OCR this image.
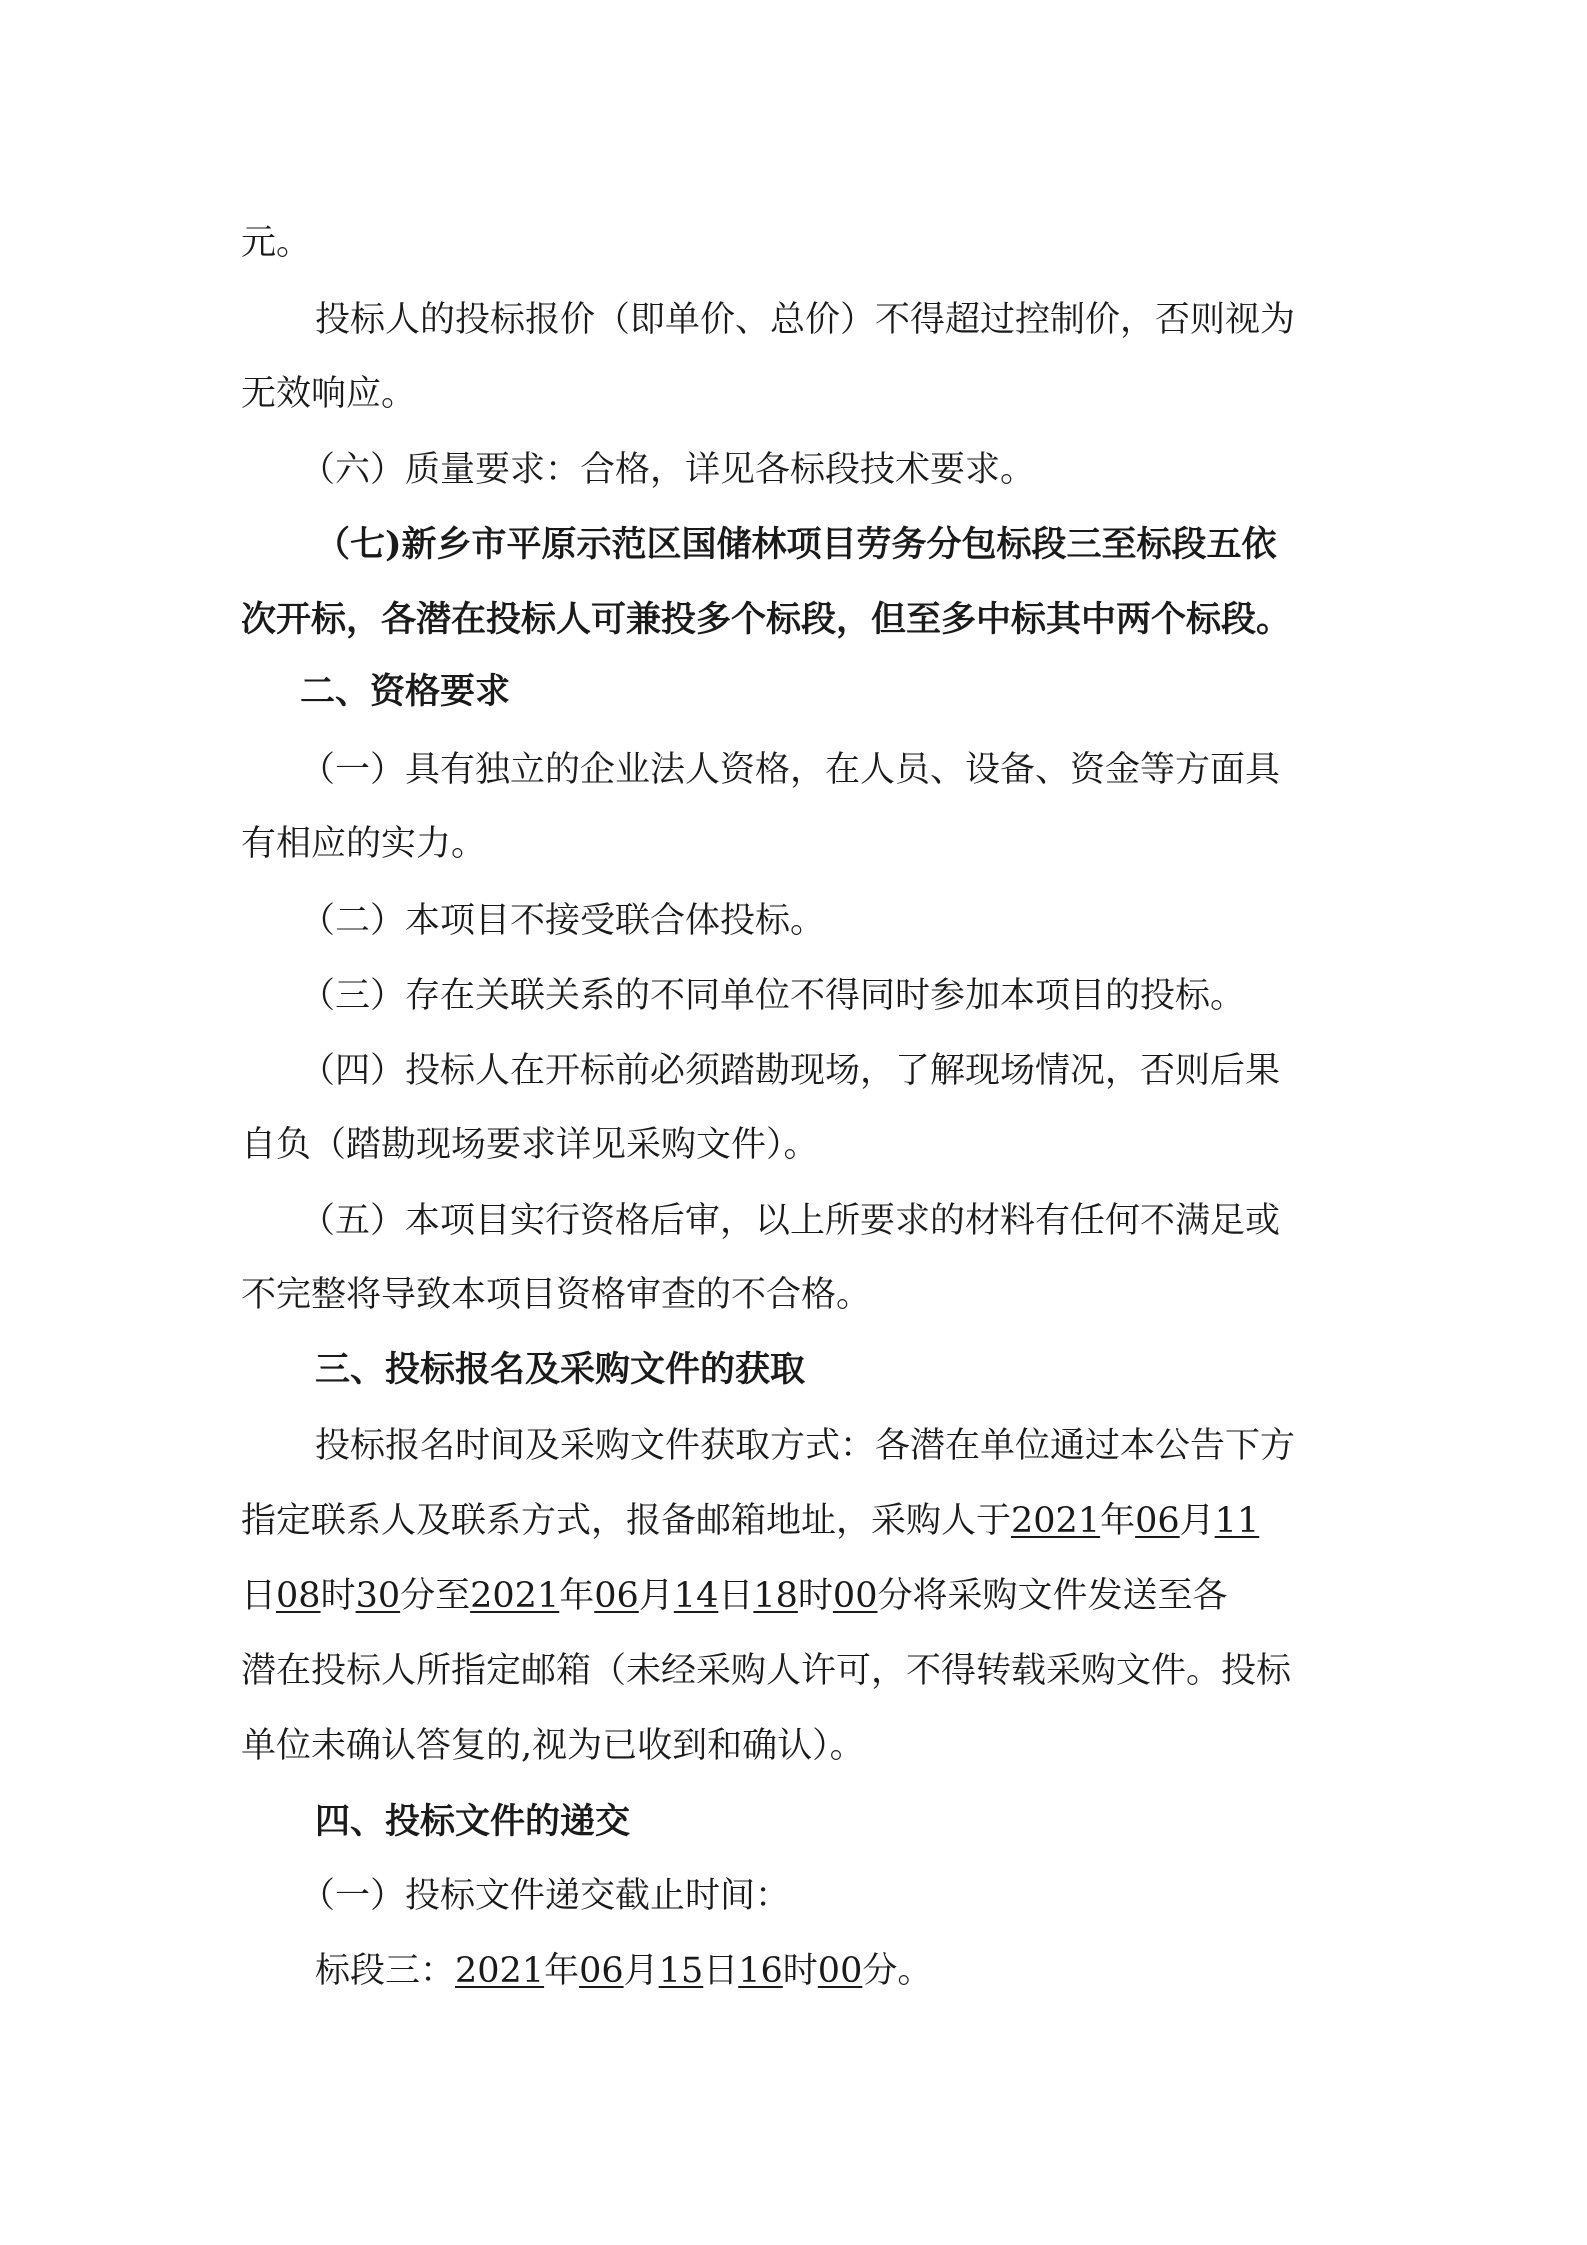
元。
投标人的投标报价（即单价、总价）不得超过控制价，否则视为
无效响应。
（六）质量要求：合格，详见各标段技术要求。
（七)新乡市平原示范区国储林项目劳务分包标段三至标段五依
次开标，各潜在投标人可兼投多个标段，但至多中标其中两个标段。
二、资格要求
（一）具有独立的企业法人资格，在人员、设备、资金等方面具
有相应的实力。
（二）本项目不接受联合体投标。
（三）存在关联关系的不同单位不得同时参加本项目的投标。
（四）投标人在开标前必须踏勘现场，了解现场情况，否则后果
自负（踏勘现场要求详见采购文件）。
（五）本项目实行资格后审，以上所要求的材料有任何不满足或
不完整将导致本项目资格审查的不合格。
三、投标报名及采购文件的获取
投标报名时间及采购文件获取方式：各潜在单位通过本公告下方
指定联系人及联系方式，报备邮箱地址，采购人于2021年06月11
日08时30分至2021年06月14日18时00分将采购文件发送至各
潜在投标人所指定邮箱（未经采购人许可，不得转载采购文件。投标
单位未确认答复的,视为已收到和确认）。
四、投标文件的递交
（一）投标文件递交截止时间：
标段三：2021年06月15日16时00分。
